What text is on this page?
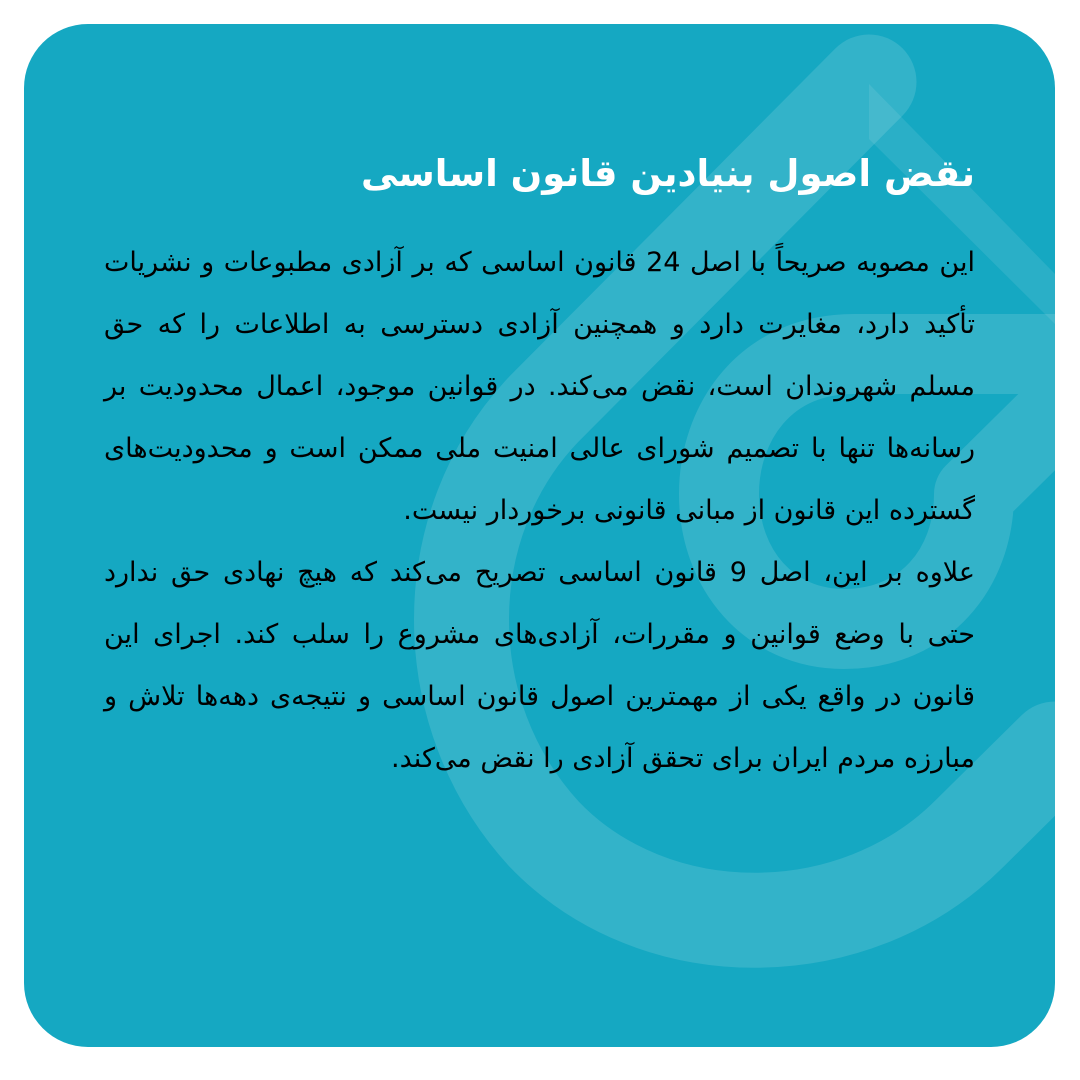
نقض اصول بنیادین قانون اساسی

این مصوبه صریحاً با اصل 24 قانون اساسی که بر آزادی مطبوعات و نشریات تأکید دارد، مغایرت دارد و همچنین آزادی دسترسی به اطلاعات را که حق مسلم شهروندان است، نقض می‌کند. در قوانین موجود، اعمال محدودیت بر رسانه‌ها تنها با تصمیم شورای عالی امنیت ملی ممکن است و محدودیت‌های گسترده این قانون از مبانی قانونی برخوردار نیست.

علاوه بر این، اصل 9 قانون اساسی تصریح می‌کند که هیچ نهادی حق ندارد حتی با وضع قوانین و مقررات، آزادی‌های مشروع را سلب کند. اجرای این قانون در واقع یکی از مهمترین اصول قانون اساسی و نتیجه‌ی دهه‌ها تلاش و مبارزه مردم ایران برای تحقق آزادی را نقض می‌کند.
